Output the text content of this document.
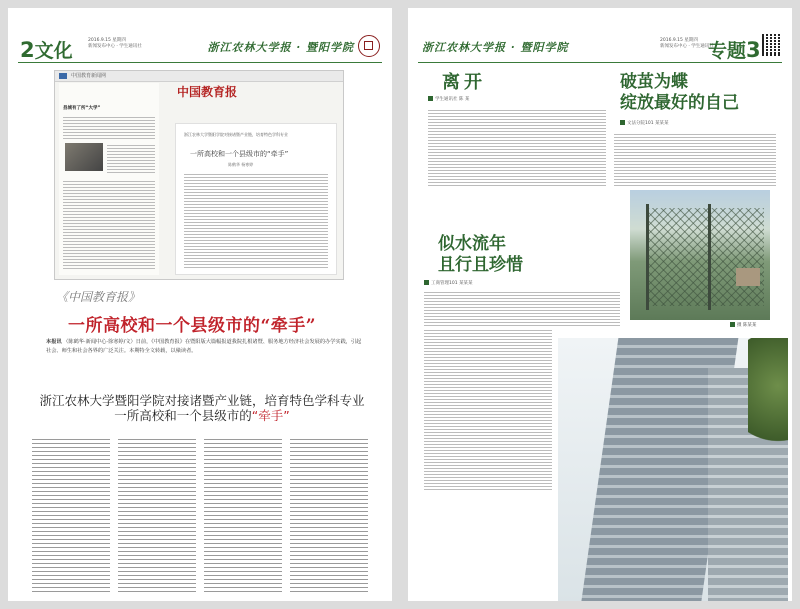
2文化	2016.9.15 星期四
新闻发布中心 · 学生通讯社	浙江农林大学报 · 暨阳学院
中国教育新闻网
县城有了所“大学”
中国教育报
浙江农林大学暨阳学院对接诸暨产业链，培育特色学科专业
一所高校和一个县级市的“牵手”
陈鹤华 杨寒婷
《中国教育报》
一所高校和一个县级市的“牵手”
本报讯 （陈鹤华·新闻中心·徐寒婷/文）日前，《中国教育报》在暨阳版大篇幅报道我院扎根诸暨、服务地方经济社会发展的办学实践，引起社会、师生和社会各界的广泛关注。本期特全文转载，以飨读者。
浙江农林大学暨阳学院对接诸暨产业链，培育特色学科专业
一所高校和一个县级市的“牵手”
浙江农林大学报 · 暨阳学院
2016.9.15 星期四
新闻发布中心 · 学生通讯社
专题3
离开
学生通讯社 陈 某
破茧为蝶
绽放最好的自己
文法分院101 某某某
似水流年
且行且珍惜
工商管理101 某某某
摄 陈某某
